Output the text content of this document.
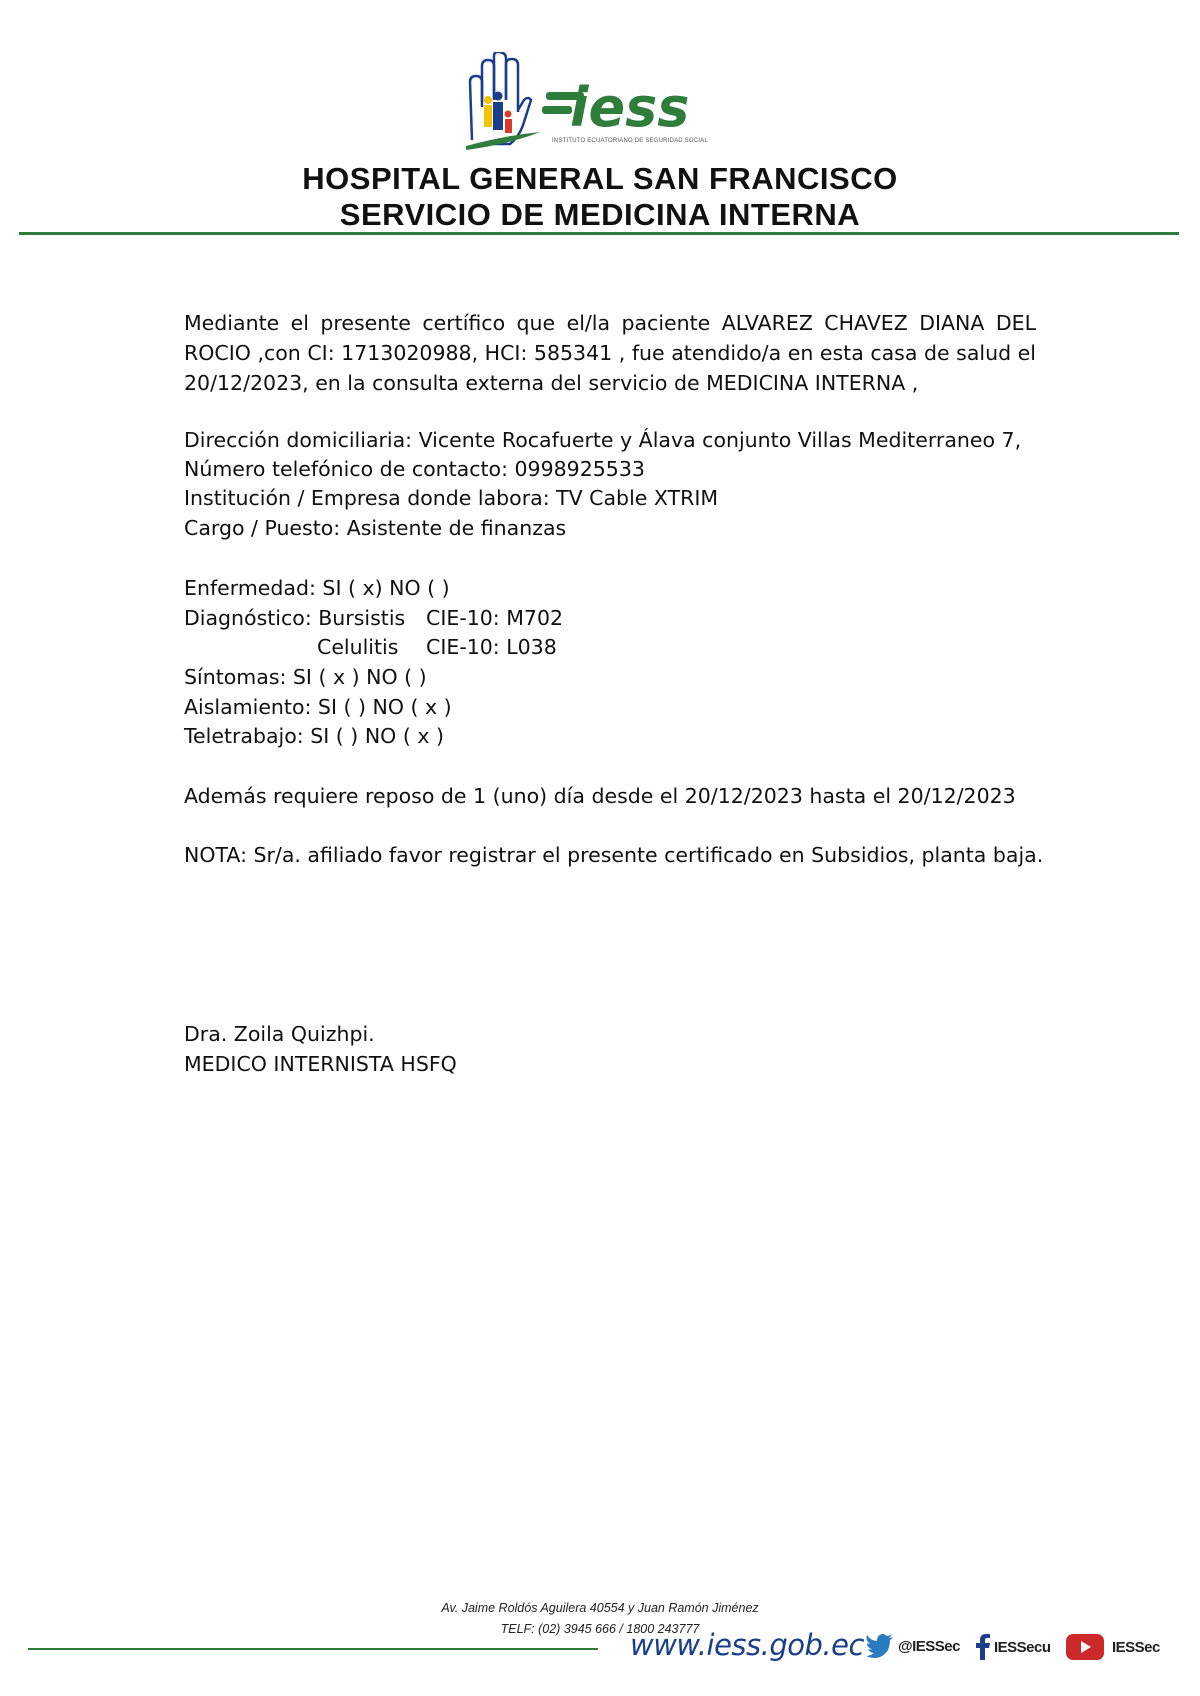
iess
INSTITUTO ECUATORIANO DE SEGURIDAD SOCIAL
HOSPITAL GENERAL SAN FRANCISCO
SERVICIO DE MEDICINA INTERNA
Mediante el presente certífico que el/la paciente ALVAREZ CHAVEZ DIANA DEL ROCIO ,con CI: 1713020988, HCI: 585341 , fue atendido/a en esta casa de salud el 20/12/2023, en la consulta externa del servicio de MEDICINA INTERNA ,
Dirección domiciliaria: Vicente Rocafuerte y Álava conjunto Villas Mediterraneo 7,
Número telefónico de contacto: 0998925533
Institución / Empresa donde labora: TV Cable XTRIM
Cargo / Puesto: Asistente de finanzas
Enfermedad: SI ( x) NO ( )
Diagnóstico: Bursistis CIE-10: M702
Celulitis CIE-10: L038
Síntomas: SI ( x ) NO ( )
Aislamiento: SI ( ) NO ( x )
Teletrabajo: SI ( ) NO ( x )
Además requiere reposo de 1 (uno) día desde el 20/12/2023 hasta el 20/12/2023
NOTA: Sr/a. afiliado favor registrar el presente certificado en Subsidios, planta baja.
Dra. Zoila Quizhpi.
MEDICO INTERNISTA HSFQ
Av. Jaime Roldós Aguilera 40554 y Juan Ramón Jiménez
TELF: (02) 3945 666 / 1800 243777
www.iess.gob.ec @IESSec IESSecu	IESSec
